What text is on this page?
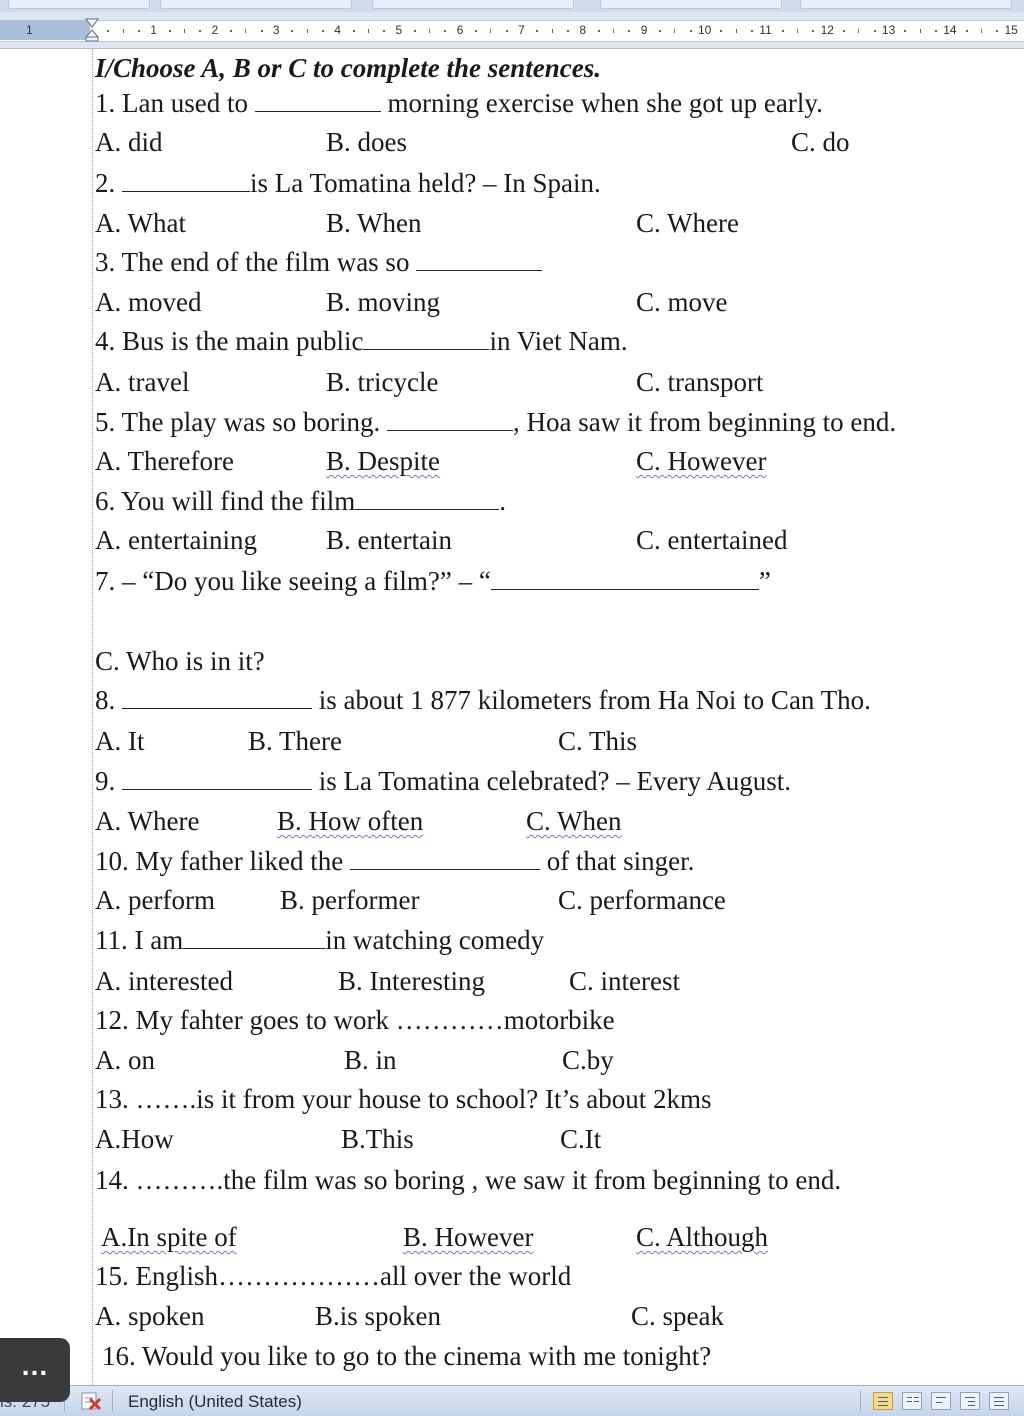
1	1	2	3	4	5	6	7	8	9	10	11	12	13	14	15
I/Choose A, B or C to complete the sentences.
1. Lan used to	morning exercise when she got up early.
A. did	B. does	C. do
2.	is La Tomatina held? – In Spain.
A. What	B. When	C. Where
3. The end of the film was so
A. moved	B. moving	C. move
4. Bus is the main public	in Viet Nam.
A. travel	B. tricycle	C. transport
5. The play was so boring.	, Hoa saw it from beginning to end.
A. Therefore	B. Despite	C. However
6. You will find the film	.
A. entertaining	B. entertain	C. entertained
7. – “Do you like seeing a film?” – “	”
C. Who is in it?
8.	is about 1 877 kilometers from Ha Noi to Can Tho.
A. It	B. There	C. This
9.	is La Tomatina celebrated? – Every August.
A. Where	B. How often	C. When
10. My father liked the	of that singer.
A. perform B. performer	C. performance
11. I am	in watching comedy
A. interested	B. Interesting	C. interest
12. My fahter goes to work …………motorbike
A. on	B. in	C.by
13. …….is it from your house to school? It’s about 2kms
A.How	B.This	C.It
14. ……….the film was so boring , we saw it from beginning to end.
A.In spite of	B. However	C. Although
15. English………………all over the world
A. spoken	B.is spoken	C. speak
16. Would you like to go to the cinema with me tonight?
English (United States)
…
